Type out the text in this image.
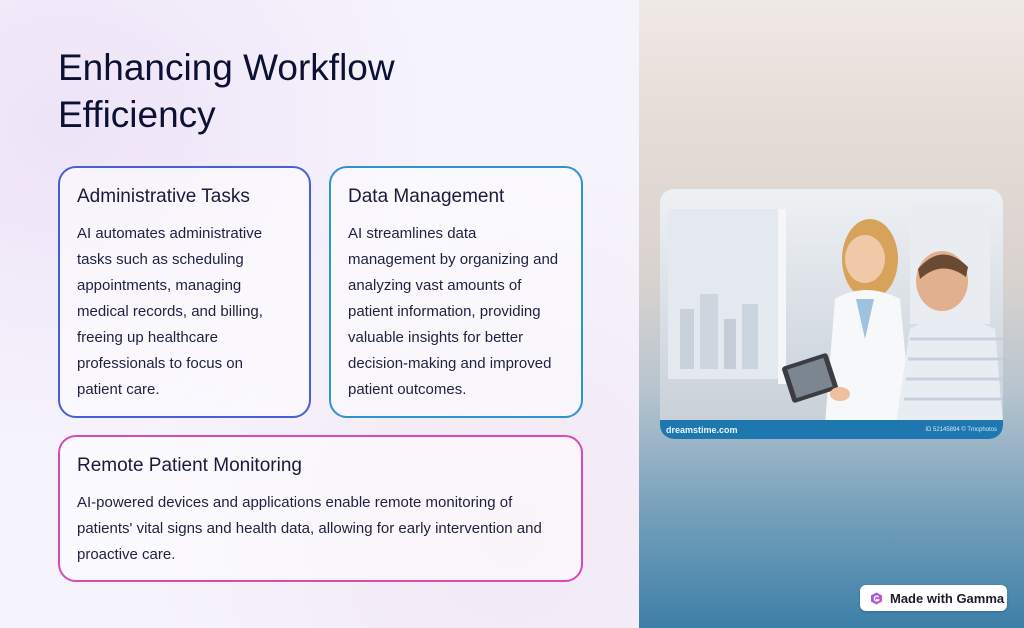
Enhancing Workflow Efficiency
Administrative Tasks

AI automates administrative tasks such as scheduling appointments, managing medical records, and billing, freeing up healthcare professionals to focus on patient care.

Data Management

AI streamlines data management by organizing and analyzing vast amounts of patient information, providing valuable insights for better decision-making and improved patient outcomes.

Remote Patient Monitoring

AI-powered devices and applications enable remote monitoring of patients' vital signs and health data, allowing for early intervention and proactive care.

dreamstime.com	ID 52145894 © Tmcphotos
Made with Gamma
